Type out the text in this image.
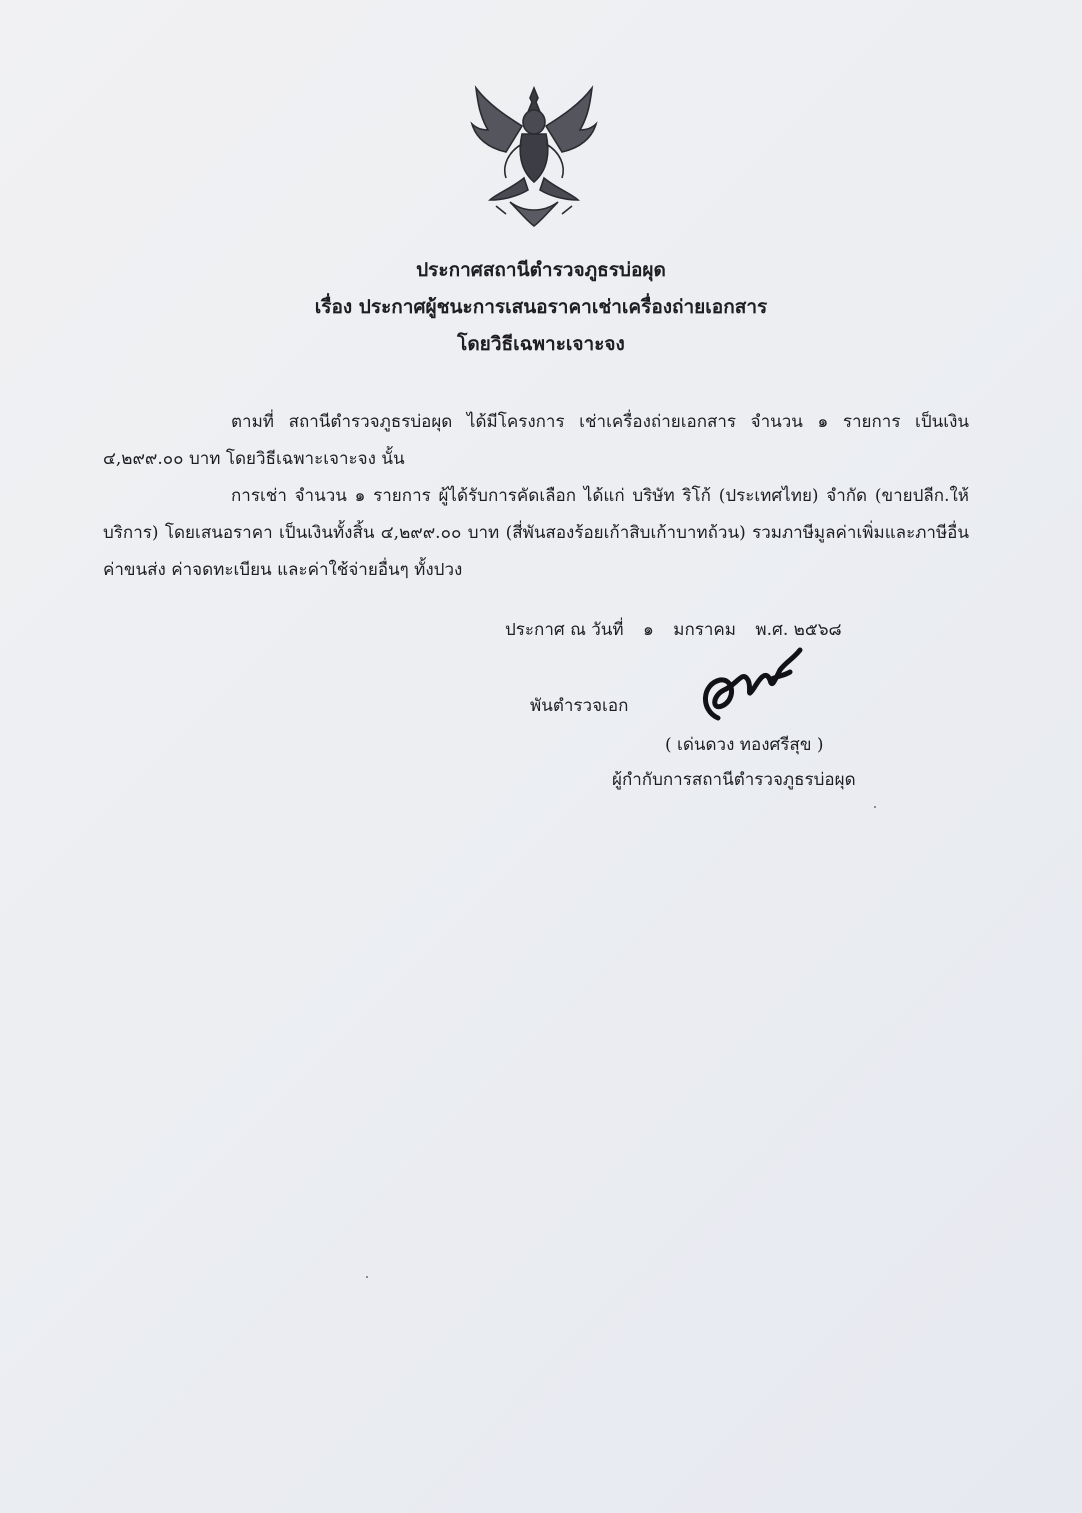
ประกาศสถานีตำรวจภูธรบ่อผุด
เรื่อง ประกาศผู้ชนะการเสนอราคาเช่าเครื่องถ่ายเอกสาร
โดยวิธีเฉพาะเจาะจง

ตามที่ สถานีตำรวจภูธรบ่อผุด ได้มีโครงการ เช่าเครื่องถ่ายเอกสาร จำนวน ๑ รายการ เป็นเงิน ๔,๒๙๙.๐๐ บาท โดยวิธีเฉพาะเจาะจง นั้น

การเช่า จำนวน ๑ รายการ ผู้ได้รับการคัดเลือก ได้แก่ บริษัท ริโก้ (ประเทศไทย) จำกัด (ขายปลีก.ให้บริการ) โดยเสนอราคา เป็นเงินทั้งสิ้น ๔,๒๙๙.๐๐ บาท (สี่พันสองร้อยเก้าสิบเก้าบาทถ้วน) รวมภาษีมูลค่าเพิ่มและภาษีอื่น ค่าขนส่ง ค่าจดทะเบียน และค่าใช้จ่ายอื่นๆ ทั้งปวง

ประกาศ ณ วันที่ ๑ มกราคม พ.ศ. ๒๕๖๘
พันตำรวจเอก
( เด่นดวง ทองศรีสุข )
ผู้กำกับการสถานีตำรวจภูธรบ่อผุด
